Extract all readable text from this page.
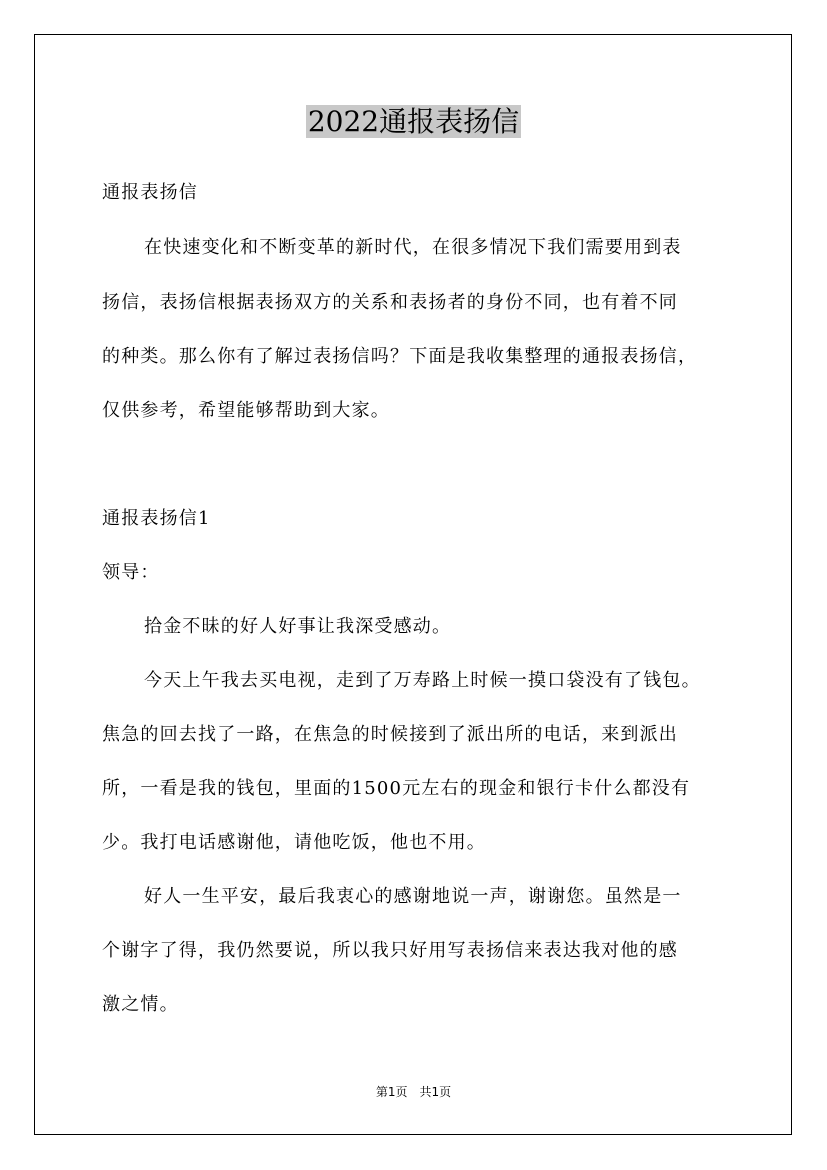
2022通报表扬信
通报表扬信
在快速变化和不断变革的新时代，在很多情况下我们需要用到表
扬信，表扬信根据表扬双方的关系和表扬者的身份不同，也有着不同
的种类。那么你有了解过表扬信吗？下面是我收集整理的通报表扬信，
仅供参考，希望能够帮助到大家。
通报表扬信1
领导：
拾金不昧的好人好事让我深受感动。
今天上午我去买电视，走到了万寿路上时候一摸口袋没有了钱包。
焦急的回去找了一路，在焦急的时候接到了派出所的电话，来到派出
所，一看是我的钱包，里面的1500元左右的现金和银行卡什么都没有
少。我打电话感谢他，请他吃饭，他也不用。
好人一生平安，最后我衷心的感谢地说一声，谢谢您。虽然是一
个谢字了得，我仍然要说，所以我只好用写表扬信来表达我对他的感
激之情。
第1页　共1页
